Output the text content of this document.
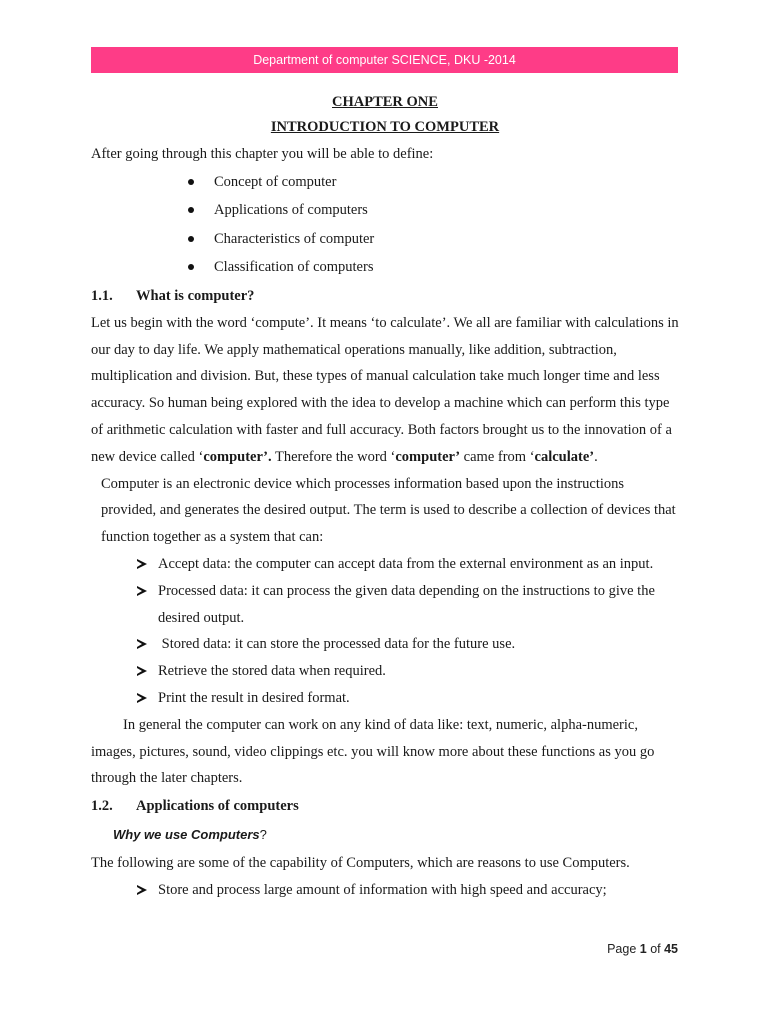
Department of computer SCIENCE, DKU -2014
CHAPTER ONE
INTRODUCTION TO COMPUTER

After going through this chapter you will be able to define:

Concept of computer
Applications of computers
Characteristics of computer
Classification of computers
1.1.	What is computer?

Let us begin with the word ‘compute’. It means ‘to calculate’. We all are familiar with calculations in our day to day life. We apply mathematical operations manually, like addition, subtraction, multiplication and division. But, these types of manual calculation take much longer time and less accuracy. So human being explored with the idea to develop a machine which can perform this type of arithmetic calculation with faster and full accuracy. Both factors brought us to the innovation of a new device called ‘computer’. Therefore the word ‘computer’ came from ‘calculate’.

Computer is an electronic device which processes information based upon the instructions provided, and generates the desired output. The term is used to describe a collection of devices that function together as a system that can:

Accept data: the computer can accept data from the external environment as an input.
Processed data: it can process the given data depending on the instructions to give the desired output.
Stored data: it can store the processed data for the future use.
Retrieve the stored data when required.
Print the result in desired format.

In general the computer can work on any kind of data like: text, numeric, alpha-numeric, images, pictures, sound, video clippings etc. you will know more about these functions as you go through the later chapters.

1.2.	Applications of computers
Why we use Computers?

The following are some of the capability of Computers, which are reasons to use Computers.

Store and process large amount of information with high speed and accuracy;
Page 1 of 45
